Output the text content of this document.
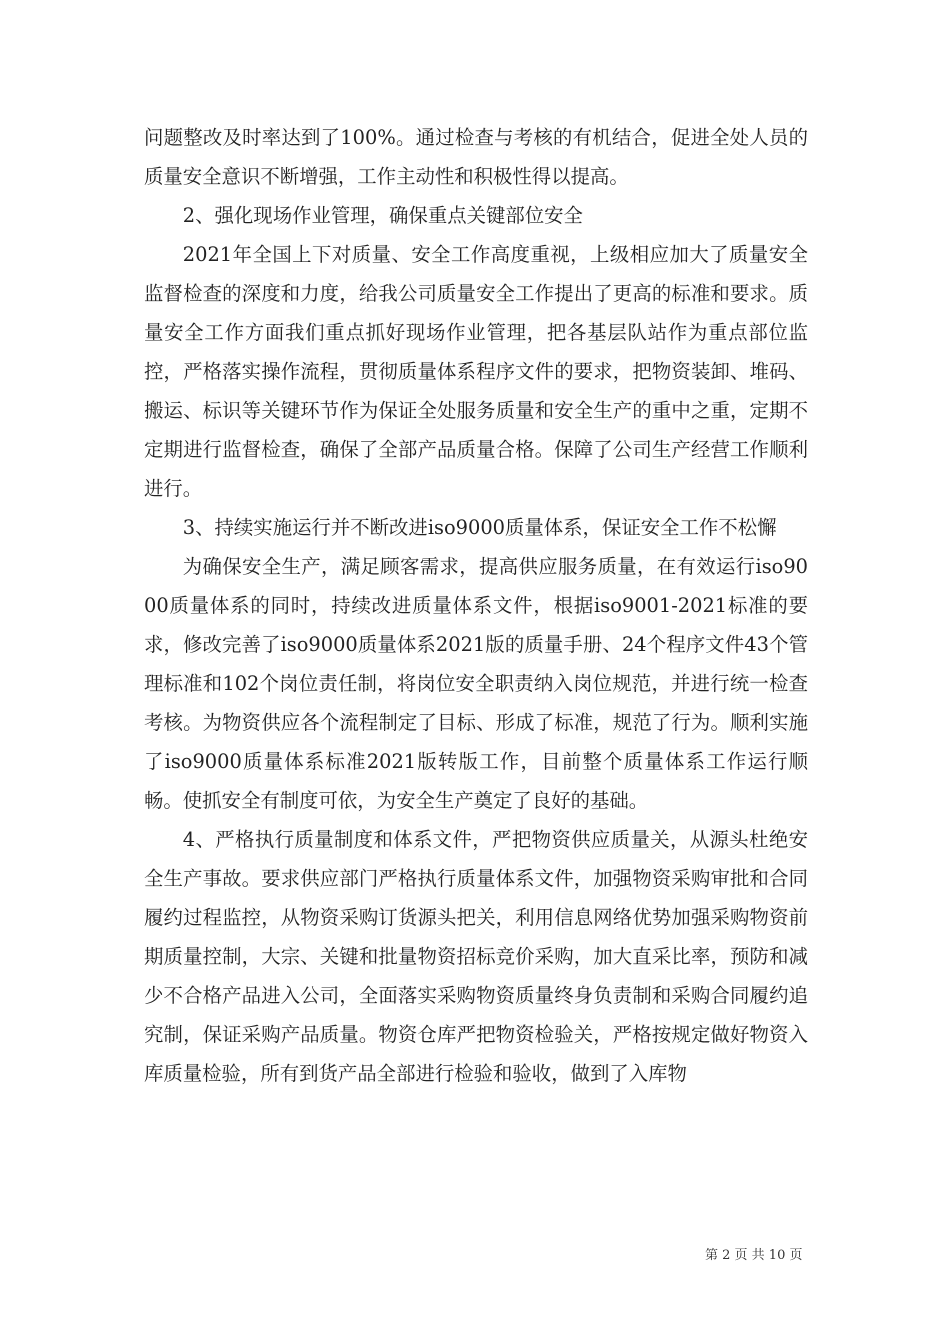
问题整改及时率达到了100%。通过检查与考核的有机结合，促进全处人员的质量安全意识不断增强，工作主动性和积极性得以提高。

2、强化现场作业管理，确保重点关键部位安全

2021年全国上下对质量、安全工作高度重视，上级相应加大了质量安全监督检查的深度和力度，给我公司质量安全工作提出了更高的标准和要求。质量安全工作方面我们重点抓好现场作业管理，把各基层队站作为重点部位监控，严格落实操作流程，贯彻质量体系程序文件的要求，把物资装卸、堆码、搬运、标识等关键环节作为保证全处服务质量和安全生产的重中之重，定期不定期进行监督检查，确保了全部产品质量合格。保障了公司生产经营工作顺利进行。

3、持续实施运行并不断改进iso9000质量体系，保证安全工作不松懈

为确保安全生产，满足顾客需求，提高供应服务质量，在有效运行iso9000质量体系的同时，持续改进质量体系文件，根据iso9001-2021标准的要求，修改完善了iso9000质量体系2021版的质量手册、24个程序文件43个管理标准和102个岗位责任制，将岗位安全职责纳入岗位规范，并进行统一检查考核。为物资供应各个流程制定了目标、形成了标准，规范了行为。顺利实施了iso9000质量体系标准2021版转版工作，目前整个质量体系工作运行顺畅。使抓安全有制度可依，为安全生产奠定了良好的基础。

4、严格执行质量制度和体系文件，严把物资供应质量关，从源头杜绝安全生产事故。要求供应部门严格执行质量体系文件，加强物资采购审批和合同履约过程监控，从物资采购订货源头把关，利用信息网络优势加强采购物资前期质量控制，大宗、关键和批量物资招标竞价采购，加大直采比率，预防和减少不合格产品进入公司，全面落实采购物资质量终身负责制和采购合同履约追究制，保证采购产品质量。物资仓库严把物资检验关，严格按规定做好物资入库质量检验，所有到货产品全部进行检验和验收，做到了入库物

第 2 页 共 10 页
